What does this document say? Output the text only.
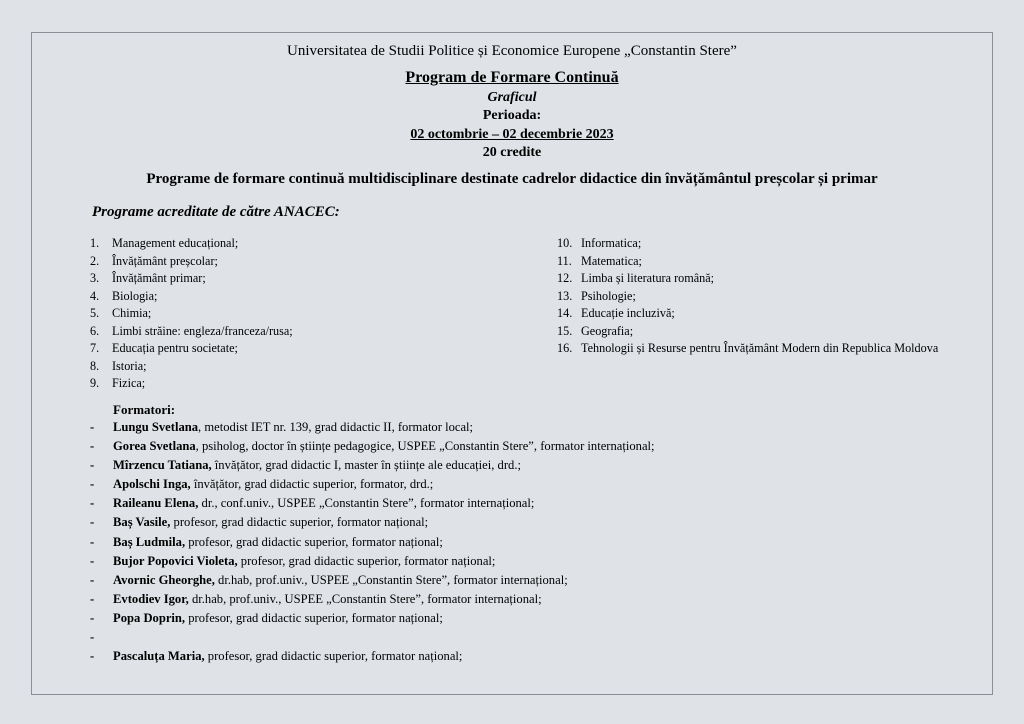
Universitatea de Studii Politice și Economice Europene „Constantin Stere”
Program de Formare Continuă
Graficul
Perioada:
02 octombrie – 02 decembrie 2023
20 credite
Programe de formare continuă multidisciplinare destinate cadrelor didactice din învățământul preșcolar și primar
Programe acreditate de către ANACEC:
1. Management educațional;
2. Învățământ preșcolar;
3. Învățământ primar;
4. Biologia;
5. Chimia;
6. Limbi străine: engleza/franceza/rusa;
7. Educația pentru societate;
8. Istoria;
9. Fizica;
10. Informatica;
11. Matematica;
12. Limba și literatura română;
13. Psihologie;
14. Educație incluzivă;
15. Geografia;
16. Tehnologii și Resurse pentru Învățământ Modern din Republica Moldova
Formatori:
- Lungu Svetlana, metodist IET nr. 139, grad didactic II, formator local;
- Gorea Svetlana, psiholog, doctor în științe pedagogice, USPEE „Constantin Stere”, formator internațional;
- Mîrzencu Tatiana, învățător, grad didactic I, master în științe ale educației, drd.;
- Apolschi Inga, învățător, grad didactic superior, formator, drd.;
- Raileanu Elena, dr., conf.univ., USPEE „Constantin Stere”, formator internațional;
- Baș Vasile, profesor, grad didactic superior, formator național;
- Baș Ludmila, profesor, grad didactic superior, formator național;
- Bujor Popovici Violeta, profesor, grad didactic superior, formator național;
- Avornic Gheorghe, dr.hab, prof.univ., USPEE „Constantin Stere”, formator internațional;
- Evtodiev Igor, dr.hab, prof.univ., USPEE „Constantin Stere”, formator internațional;
- Popa Doprin, profesor, grad didactic superior, formator național;
-
- Pascaluța Maria, profesor, grad didactic superior, formator național;
